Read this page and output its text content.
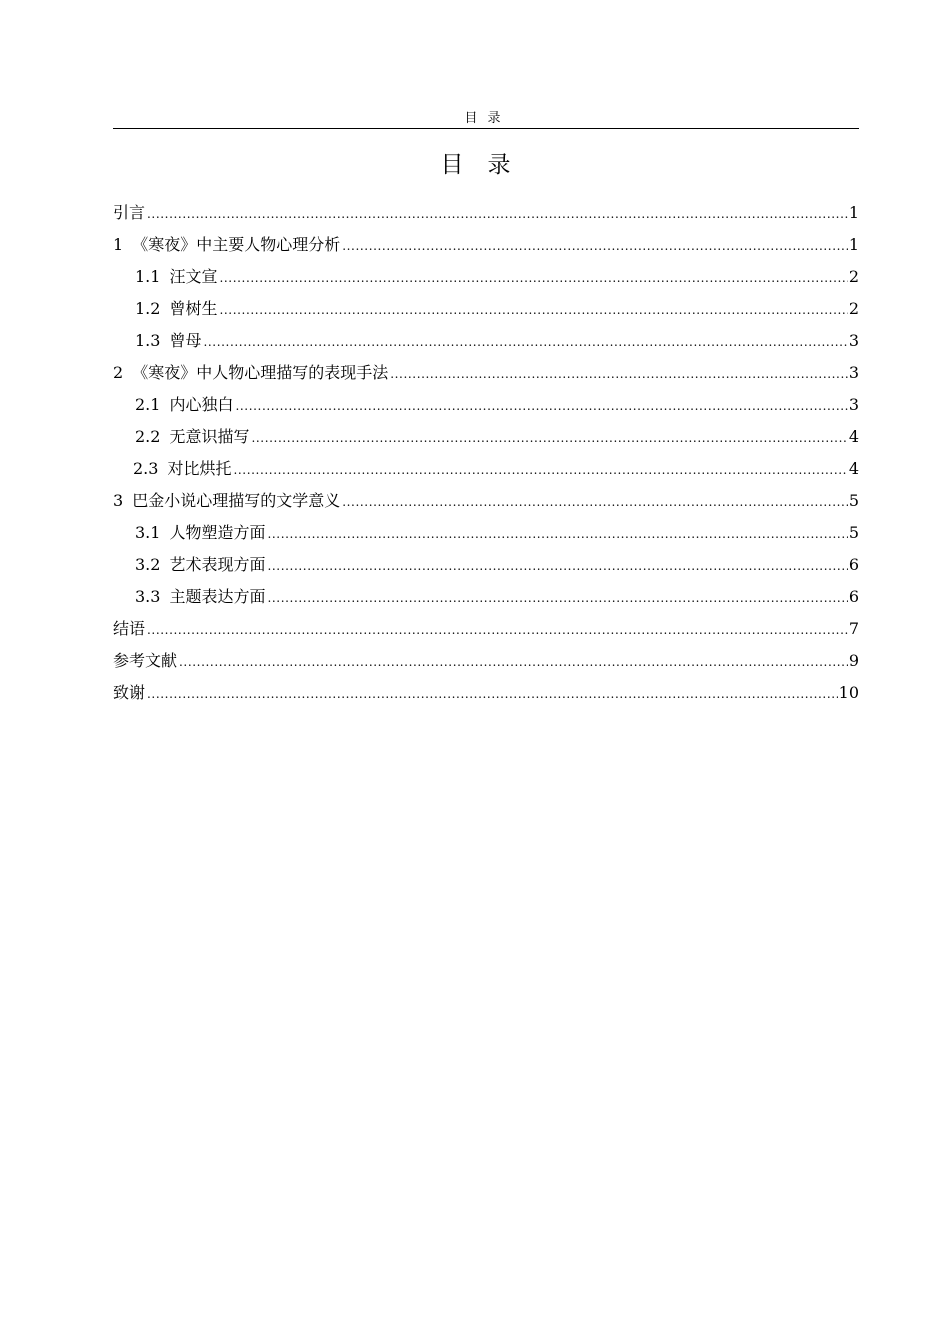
目录
目录
引言 .....	1
1 《寒夜》中主要人物心理分析 .....	1
1.1 汪文宣 .....	2
1.2 曾树生 .....	2
1.3 曾母 .....	3
2 《寒夜》中人物心理描写的表现手法 .....	3
2.1 内心独白 .....	3
2.2 无意识描写 .....	4
2.3 对比烘托 .....	4
3 巴金小说心理描写的文学意义 .....	5
3.1 人物塑造方面 .....	5
3.2 艺术表现方面 .....	6
3.3 主题表达方面 .....	6
结语 .....	7
参考文献 .....	9
致谢 .....	10
